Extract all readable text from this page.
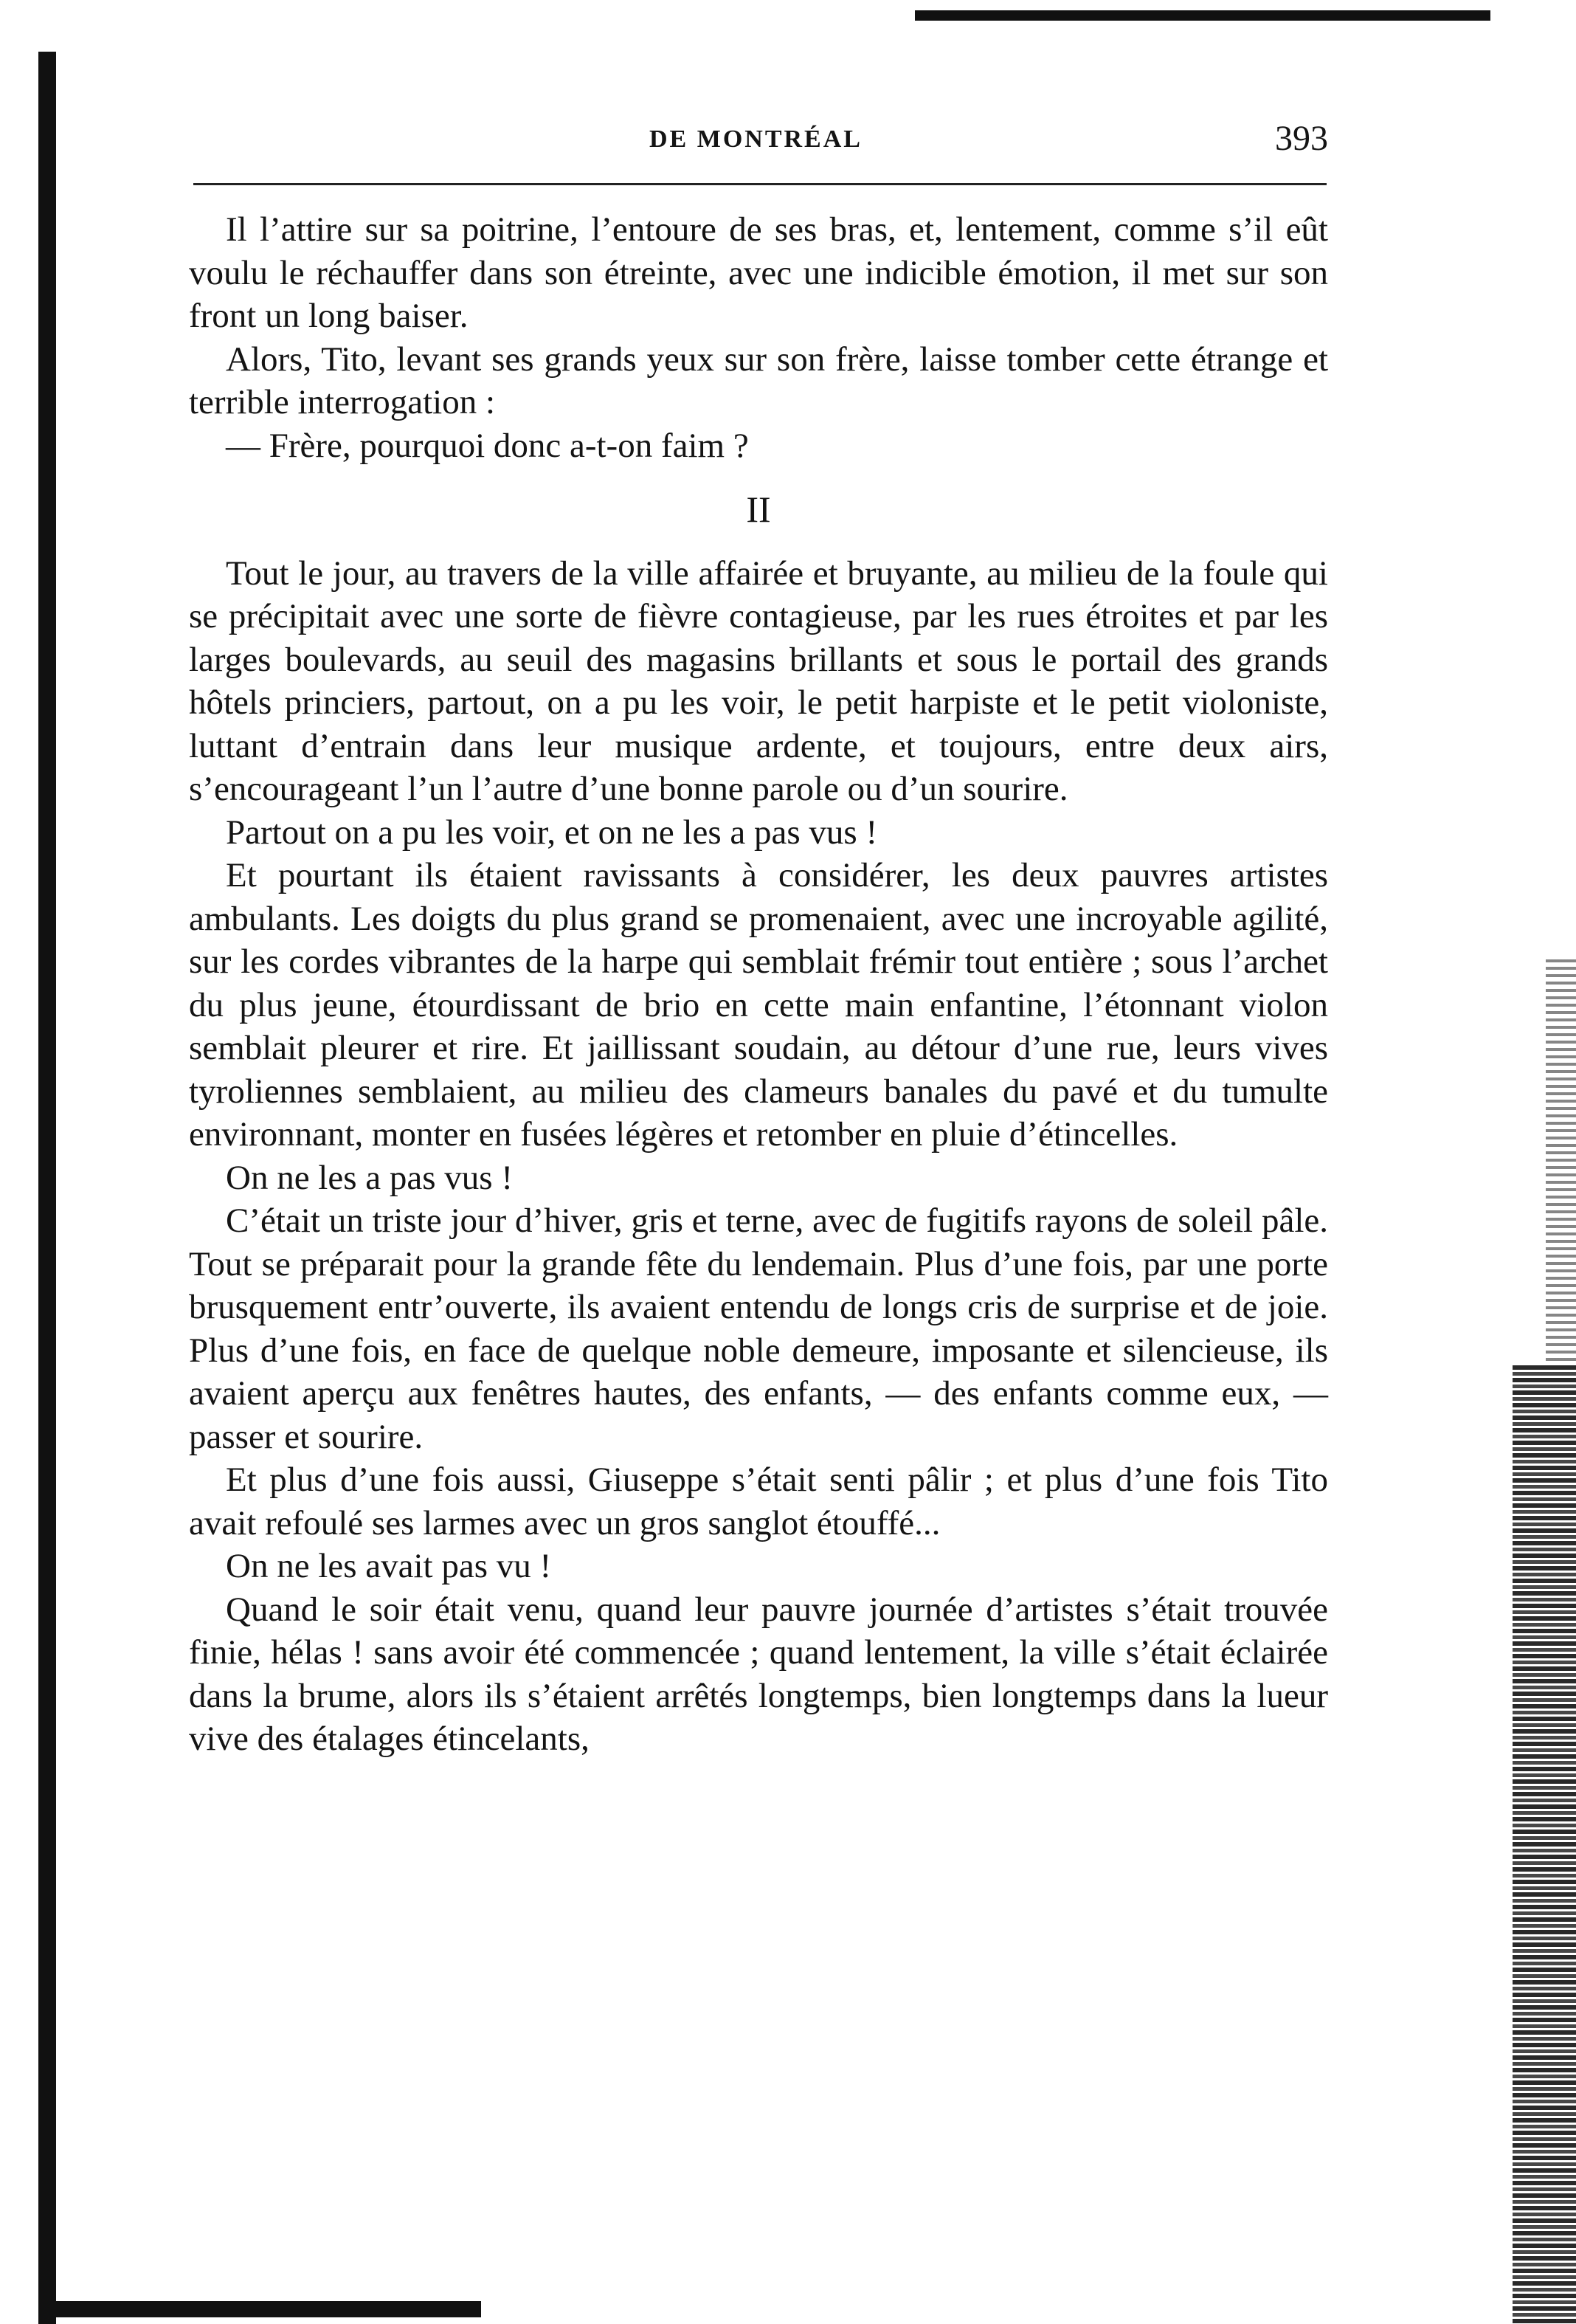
DE MONTRÉAL	393

Il l’attire sur sa poitrine, l’entoure de ses bras, et, lentement, comme s’il eût voulu le réchauffer dans son étreinte, avec une indicible émotion, il met sur son front un long baiser.

Alors, Tito, levant ses grands yeux sur son frère, laisse tomber cette étrange et terrible interrogation :

— Frère, pourquoi donc a-t-on faim ?

II

Tout le jour, au travers de la ville affairée et bruyante, au milieu de la foule qui se précipitait avec une sorte de fièvre contagieuse, par les rues étroites et par les larges boulevards, au seuil des magasins brillants et sous le portail des grands hôtels princiers, partout, on a pu les voir, le petit harpiste et le petit violoniste, luttant d’entrain dans leur musique ardente, et toujours, entre deux airs, s’encourageant l’un l’autre d’une bonne parole ou d’un sourire.

Partout on a pu les voir, et on ne les a pas vus !

Et pourtant ils étaient ravissants à considérer, les deux pauvres artistes ambulants. Les doigts du plus grand se promenaient, avec une incroyable agilité, sur les cordes vibrantes de la harpe qui semblait frémir tout entière ; sous l’archet du plus jeune, étourdissant de brio en cette main enfantine, l’étonnant violon semblait pleurer et rire. Et jaillissant soudain, au détour d’une rue, leurs vives tyroliennes semblaient, au milieu des clameurs banales du pavé et du tumulte environnant, monter en fusées légères et retomber en pluie d’étincelles.

On ne les a pas vus !

C’était un triste jour d’hiver, gris et terne, avec de fugitifs rayons de soleil pâle. Tout se préparait pour la grande fête du lendemain. Plus d’une fois, par une porte brusquement entr’ouverte, ils avaient entendu de longs cris de surprise et de joie. Plus d’une fois, en face de quelque noble demeure, imposante et silencieuse, ils avaient aperçu aux fenêtres hautes, des enfants, — des enfants comme eux, — passer et sourire.

Et plus d’une fois aussi, Giuseppe s’était senti pâlir ; et plus d’une fois Tito avait refoulé ses larmes avec un gros sanglot étouffé...

On ne les avait pas vu !

Quand le soir était venu, quand leur pauvre journée d’artistes s’était trouvée finie, hélas ! sans avoir été commencée ; quand lentement, la ville s’était éclairée dans la brume, alors ils s’étaient arrêtés longtemps, bien longtemps dans la lueur vive des étalages étincelants,
